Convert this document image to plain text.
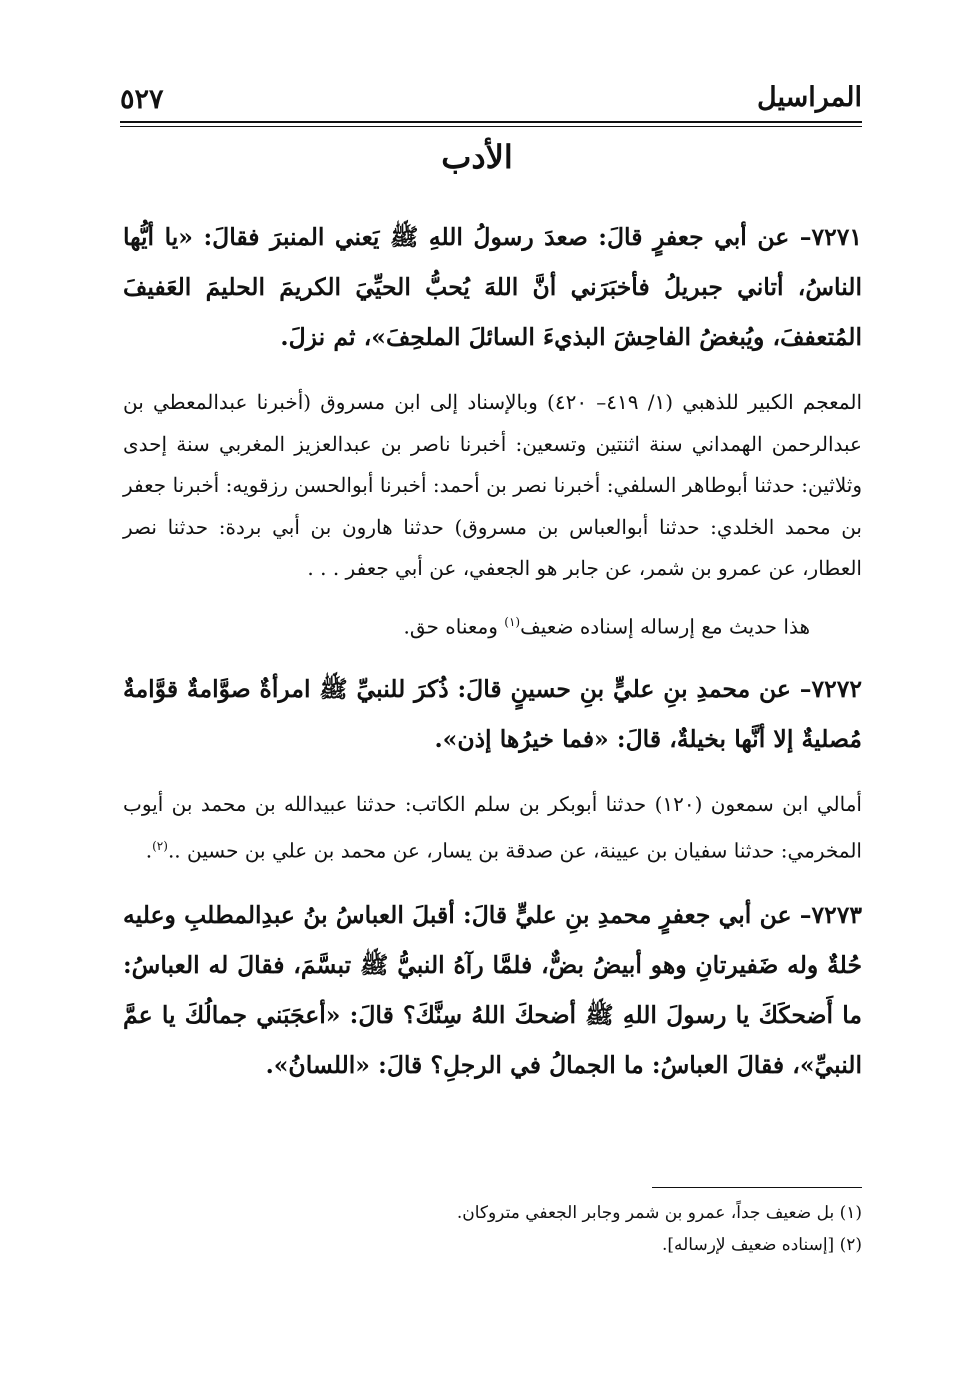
المراسيل
٥٢٧
الأدب

٧٢٧١– عن أبي جعفرٍ قالَ: صعدَ رسولُ اللهِ ﷺ يَعني المنبرَ فقالَ: «يا أيُّها الناسُ، أتاني جبريلُ فأخبَرَني أنَّ اللهَ يُحبُّ الحيِّيَ الكريمَ الحليمَ العَفيفَ المُتعففَ، ويُبغضُ الفاحِشَ البذيءَ السائلَ الملحِفَ»، ثم نزلَ.

المعجم الكبير للذهبي (١/ ٤١٩– ٤٢٠) وبالإسناد إلى ابن مسروق (أخبرنا عبدالمعطي بن عبدالرحمن الهمداني سنة اثنتين وتسعين: أخبرنا ناصر بن عبدالعزيز المغربي سنة إحدى وثلاثين: حدثنا أبوطاهر السلفي: أخبرنا نصر بن أحمد: أخبرنا أبوالحسن رزقويه: أخبرنا جعفر بن محمد الخلدي: حدثنا أبوالعباس بن مسروق) حدثنا هارون بن أبي بردة: حدثنا نصر العطار، عن عمرو بن شمر، عن جابر هو الجعفي، عن أبي جعفر . . .

هذا حديث مع إرساله إسناده ضعيف$^{(١)}$ ومعناه حق.

٧٢٧٢– عن محمدِ بنِ عليٍّ بنِ حسينٍ قالَ: ذُكرَ للنبيِّ ﷺ امرأةٌ صوَّامةٌ قوَّامةٌ مُصليةٌ إلا أنَّها بخيلةٌ، قالَ: «فما خيرُها إذن».

أمالي ابن سمعون (١٢٠) حدثنا أبوبكر بن سلم الكاتب: حدثنا عبيدالله بن محمد بن أيوب المخرمي: حدثنا سفيان بن عيينة، عن صدقة بن يسار، عن محمد بن علي بن حسين ..$^{(٢)}$.

٧٢٧٣– عن أبي جعفرٍ محمدِ بنِ عليٍّ قالَ: أقبلَ العباسُ بنُ عبدِالمطلبِ وعليه حُلةٌ وله ضَفيرتانِ وهو أبيضُ بضٌّ، فلمَّا رآهُ النبيُّ ﷺ تبسَّمَ، فقالَ له العباسُ: ما أَضحكَكَ يا رسولَ اللهِ ﷺ أضحكَ اللهُ سِنَّكَ؟ قالَ: «أعجَبَني جمالُكَ يا عمَّ النبيِّ»، فقالَ العباسُ: ما الجمالُ في الرجلِ؟ قالَ: «اللسانُ».

(١) بل ضعيف جداً، عمرو بن شمر وجابر الجعفي متروكان.

(٢) [إسناده ضعيف لإرساله].
